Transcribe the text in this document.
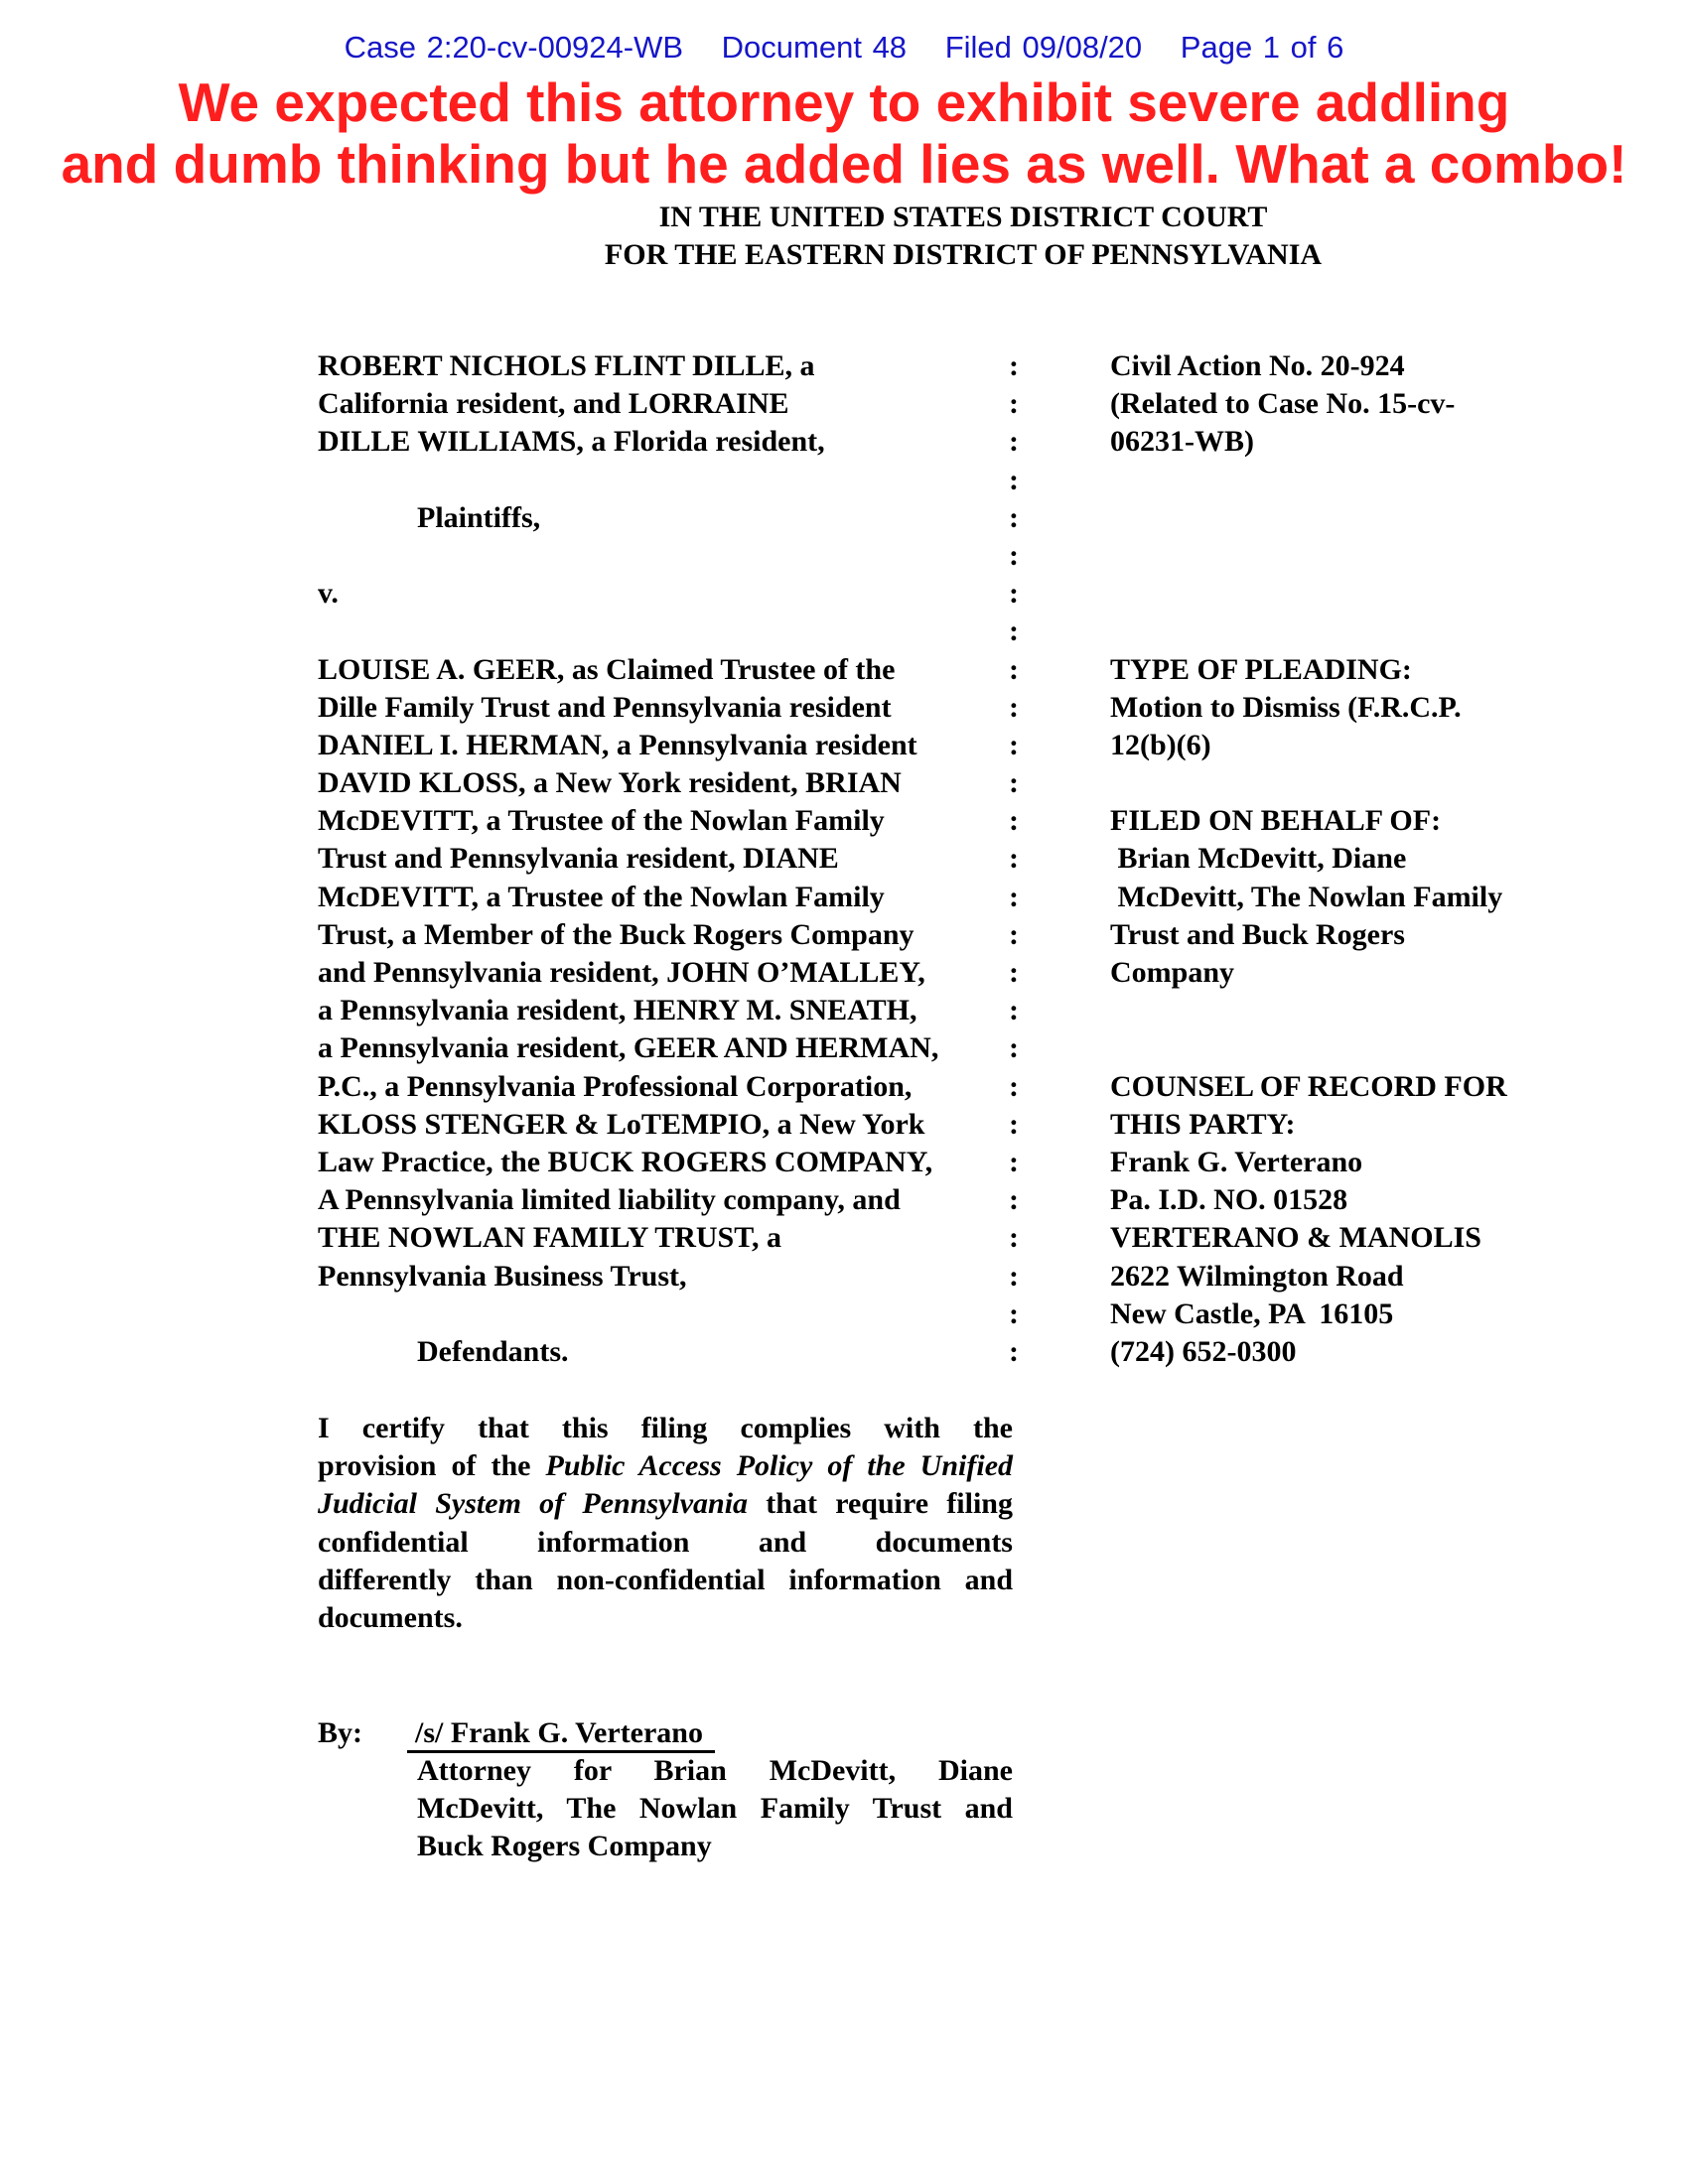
Case 2:20-cv-00924-WB Document 48 Filed 09/08/20 Page 1 of 6
We expected this attorney to exhibit severe addling
and dumb thinking but he added lies as well. What a combo!
IN THE UNITED STATES DISTRICT COURT
FOR THE EASTERN DISTRICT OF PENNSYLVANIA
ROBERT NICHOLS FLINT DILLE, a
California resident, and LORRAINE
DILLE WILLIAMS, a Florida resident,
Plaintiffs,
v.
LOUISE A. GEER, as Claimed Trustee of the
Dille Family Trust and Pennsylvania resident
DANIEL I. HERMAN, a Pennsylvania resident
DAVID KLOSS, a New York resident, BRIAN
McDEVITT, a Trustee of the Nowlan Family
Trust and Pennsylvania resident, DIANE
McDEVITT, a Trustee of the Nowlan Family
Trust, a Member of the Buck Rogers Company
and Pennsylvania resident, JOHN O’MALLEY,
a Pennsylvania resident, HENRY M. SNEATH,
a Pennsylvania resident, GEER AND HERMAN,
P.C., a Pennsylvania Professional Corporation,
KLOSS STENGER & LoTEMPIO, a New York
Law Practice, the BUCK ROGERS COMPANY,
A Pennsylvania limited liability company, and
THE NOWLAN FAMILY TRUST, a
Pennsylvania Business Trust,
Defendants.
:
:
:
:
:
:
:
:
:
:
:
:
:
:
:
:
:
:
:
:
:
:
:
:
:
:
:
Civil Action No. 20-924
(Related to Case No. 15-cv-
06231-WB)
TYPE OF PLEADING:
Motion to Dismiss (F.R.C.P.
12(b)(6)
FILED ON BEHALF OF:
Brian McDevitt, Diane
McDevitt, The Nowlan Family
Trust and Buck Rogers
Company
COUNSEL OF RECORD FOR
THIS PARTY:
Frank G. Verterano
Pa. I.D. NO. 01528
VERTERANO & MANOLIS
2622 Wilmington Road
New Castle, PA  16105
(724) 652-0300
I certify that this filing complies with the
provision of the Public Access Policy of the Unified
Judicial System of Pennsylvania that require filing
confidential information and documents
differently than non-confidential information and
documents.
By: /s/ Frank G. Verterano
Attorney for Brian McDevitt, Diane
McDevitt, The Nowlan Family Trust and
Buck Rogers Company
